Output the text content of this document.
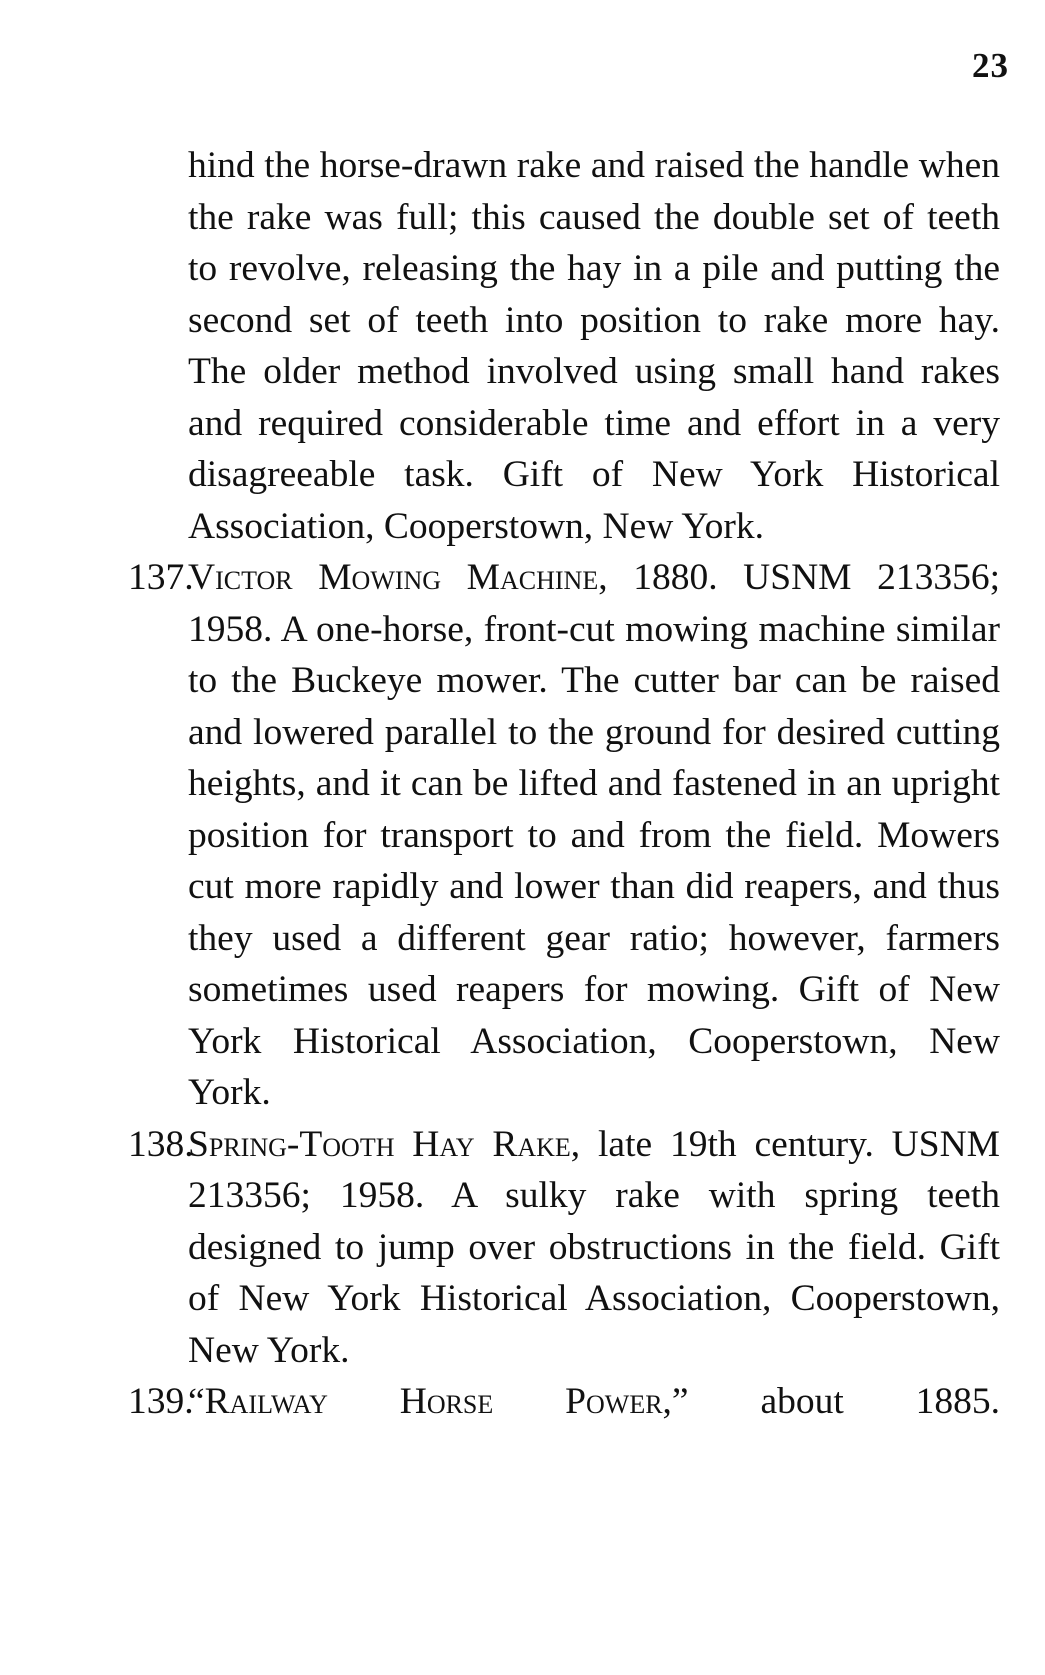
23

hind the horse-drawn rake and raised the handle when the rake was full; this caused the double set of teeth to revolve, releasing the hay in a pile and putting the second set of teeth into position to rake more hay. The older method involved using small hand rakes and required considerable time and effort in a very disagreeable task. Gift of New York Historical Association, Cooperstown, New York.

137.
Victor Mowing Machine, 1880. USNM 213356; 1958. A one-horse, front-cut mowing machine similar to the Buckeye mower. The cutter bar can be raised and lowered parallel to the ground for desired cutting heights, and it can be lifted and fastened in an upright position for transport to and from the field. Mowers cut more rapidly and lower than did reapers, and thus they used a different gear ratio; however, farmers sometimes used reapers for mowing. Gift of New York Historical Association, Cooperstown, New York.

138.
Spring-Tooth Hay Rake, late 19th century. USNM 213356; 1958. A sulky rake with spring teeth designed to jump over obstructions in the field. Gift of New York Historical Association, Cooperstown, New York.

139.
“Railway Horse Power,” about 1885.
